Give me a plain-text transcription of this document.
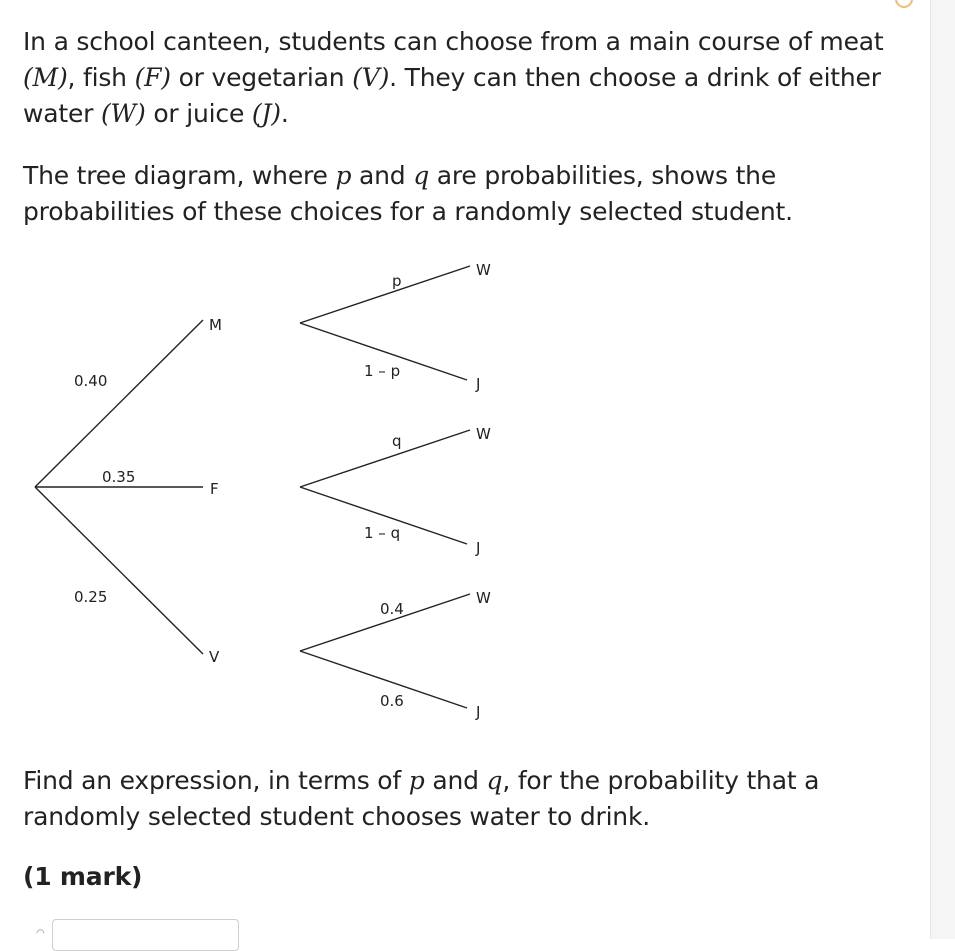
In a school canteen, students can choose from a main course of meat (M), fish (F) or vegetarian (V). They can then choose a drink of either water (W) or juice (J).
The tree diagram, where p and q are probabilities, shows the probabilities of these choices for a randomly selected student.
0.40
0.35
0.25
M
F
V
p
1 – p
q
1 – q
0.4
0.6
W
J
W
J
W
J
Find an expression, in terms of p and q, for the probability that a randomly selected student chooses water to drink.
(1 mark)
◠
